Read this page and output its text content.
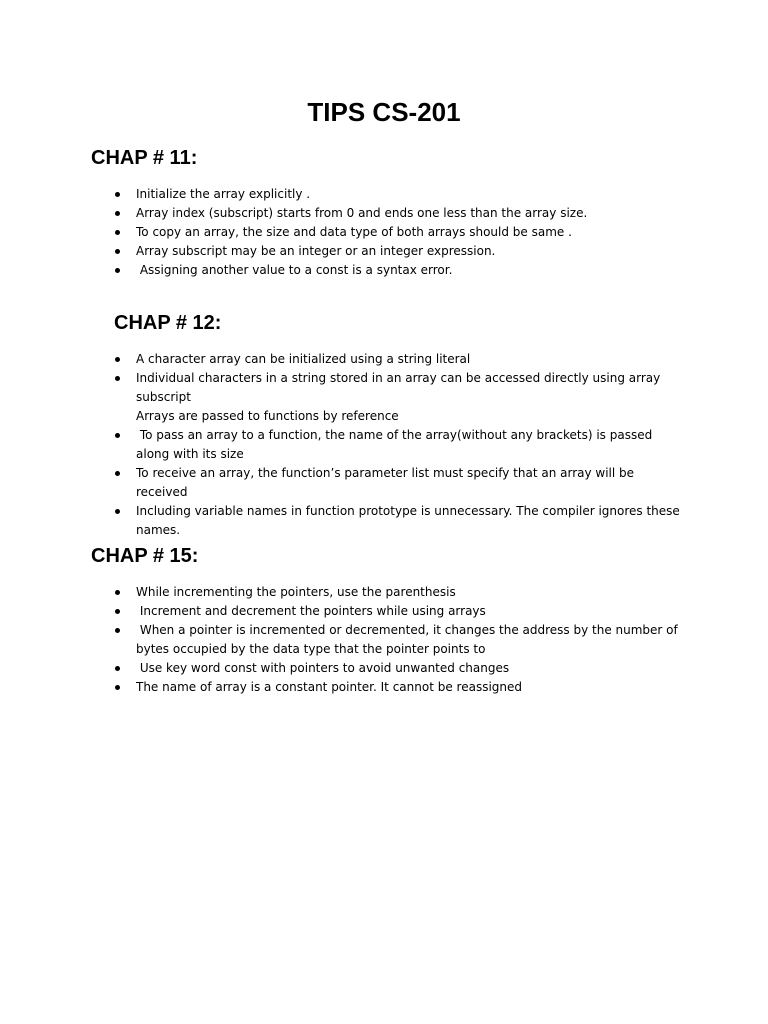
TIPS CS-201
CHAP # 11:
Initialize the array explicitly .
Array index (subscript) starts from 0 and ends one less than the array size.
To copy an array, the size and data type of both arrays should be same .
Array subscript may be an integer or an integer expression.
Assigning another value to a const is a syntax error.
CHAP # 12:
A character array can be initialized using a string literal
Individual characters in a string stored in an array can be accessed directly using array subscript
Arrays are passed to functions by reference
To pass an array to a function, the name of the array(without any brackets) is passed along with its size
To receive an array, the function’s parameter list must specify that an array will be received
Including variable names in function prototype is unnecessary. The compiler ignores these names.
CHAP # 15:
While incrementing the pointers, use the parenthesis
Increment and decrement the pointers while using arrays
When a pointer is incremented or decremented, it changes the address by the number of bytes occupied by the data type that the pointer points to
Use key word const with pointers to avoid unwanted changes
The name of array is a constant pointer. It cannot be reassigned
